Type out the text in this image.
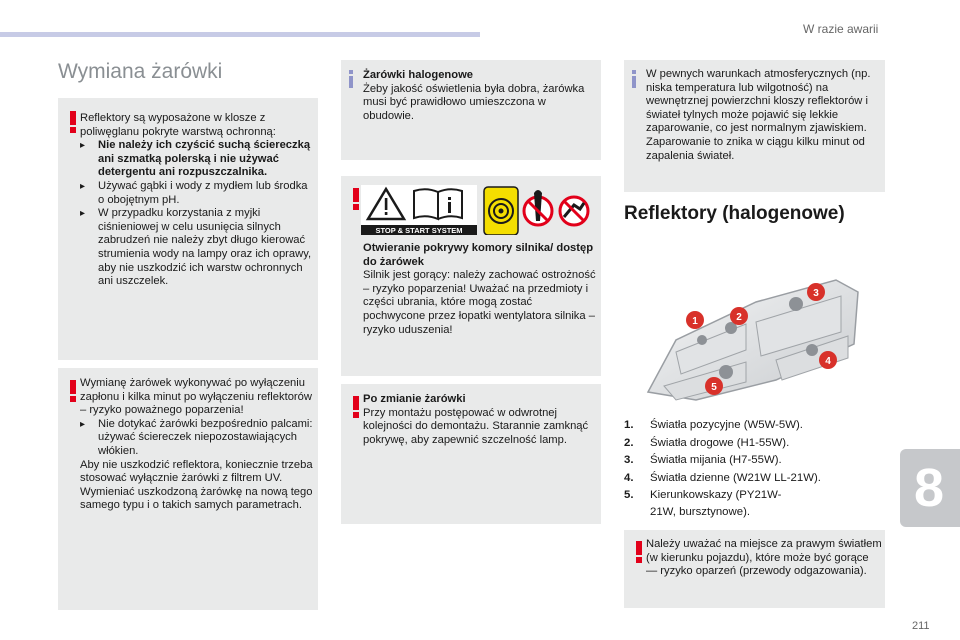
W razie awarii
Wymiana żarówki

Reflektory są wyposażone w klosze z poliwęglanu pokryte warstwą ochronną:

▸ Nie należy ich czyścić suchą ściereczką ani szmatką polerską i nie używać detergentu ani rozpuszczalnika.

▸ Używać gąbki i wody z mydłem lub środka o obojętnym pH.

▸ W przypadku korzystania z myjki ciśnieniowej w celu usunięcia silnych zabrudzeń nie należy zbyt długo kierować strumienia wody na lampy oraz ich oprawy, aby nie uszkodzić ich warstw ochronnych ani uszczelek.

Wymianę żarówek wykonywać po wyłączeniu zapłonu i kilka minut po wyłączeniu reflektorów – ryzyko poważnego poparzenia!

▸ Nie dotykać żarówki bezpośrednio palcami: używać ściereczek niepozostawiających włókien.

Aby nie uszkodzić reflektora, koniecznie trzeba stosować wyłącznie żarówki z filtrem UV.

Wymieniać uszkodzoną żarówkę na nową tego samego typu i o takich samych parametrach.

Żarówki halogenowe

Żeby jakość oświetlenia była dobra, żarówka musi być prawidłowo umieszczona w obudowie.

Otwieranie pokrywy komory silnika/ dostęp do żarówek

Silnik jest gorący: należy zachować ostrożność – ryzyko poparzenia! Uważać na przedmioty i części ubrania, które mogą zostać pochwycone przez łopatki wentylatora silnika – ryzyko uduszenia!

STOP & START SYSTEM

Po zmianie żarówki

Przy montażu postępować w odwrotnej kolejności do demontażu. Starannie zamknąć pokrywę, aby zapewnić szczelność lamp.

W pewnych warunkach atmosferycznych (np. niska temperatura lub wilgotność) na wewnętrznej powierzchni kloszy reflektorów i świateł tylnych może pojawić się lekkie zaparowanie, co jest normalnym zjawiskiem. Zaparowanie to znika w ciągu kilku minut od zapalenia świateł.

Reflektory (halogenowe)
1	2
3
4
5
1.	Światła pozycyjne (W5W-5W).
2.	Światła drogowe (H1-55W).
3.	Światła mijania (H7-55W).
4.	Światła dzienne (W21W LL-21W).
5.	Kierunkowskazy (PY21W-21W, bursztynowe).

Należy uważać na miejsce za prawym światłem (w kierunku pojazdu), które może być gorące — ryzyko oparzeń (przewody odgazowania).

8
211
